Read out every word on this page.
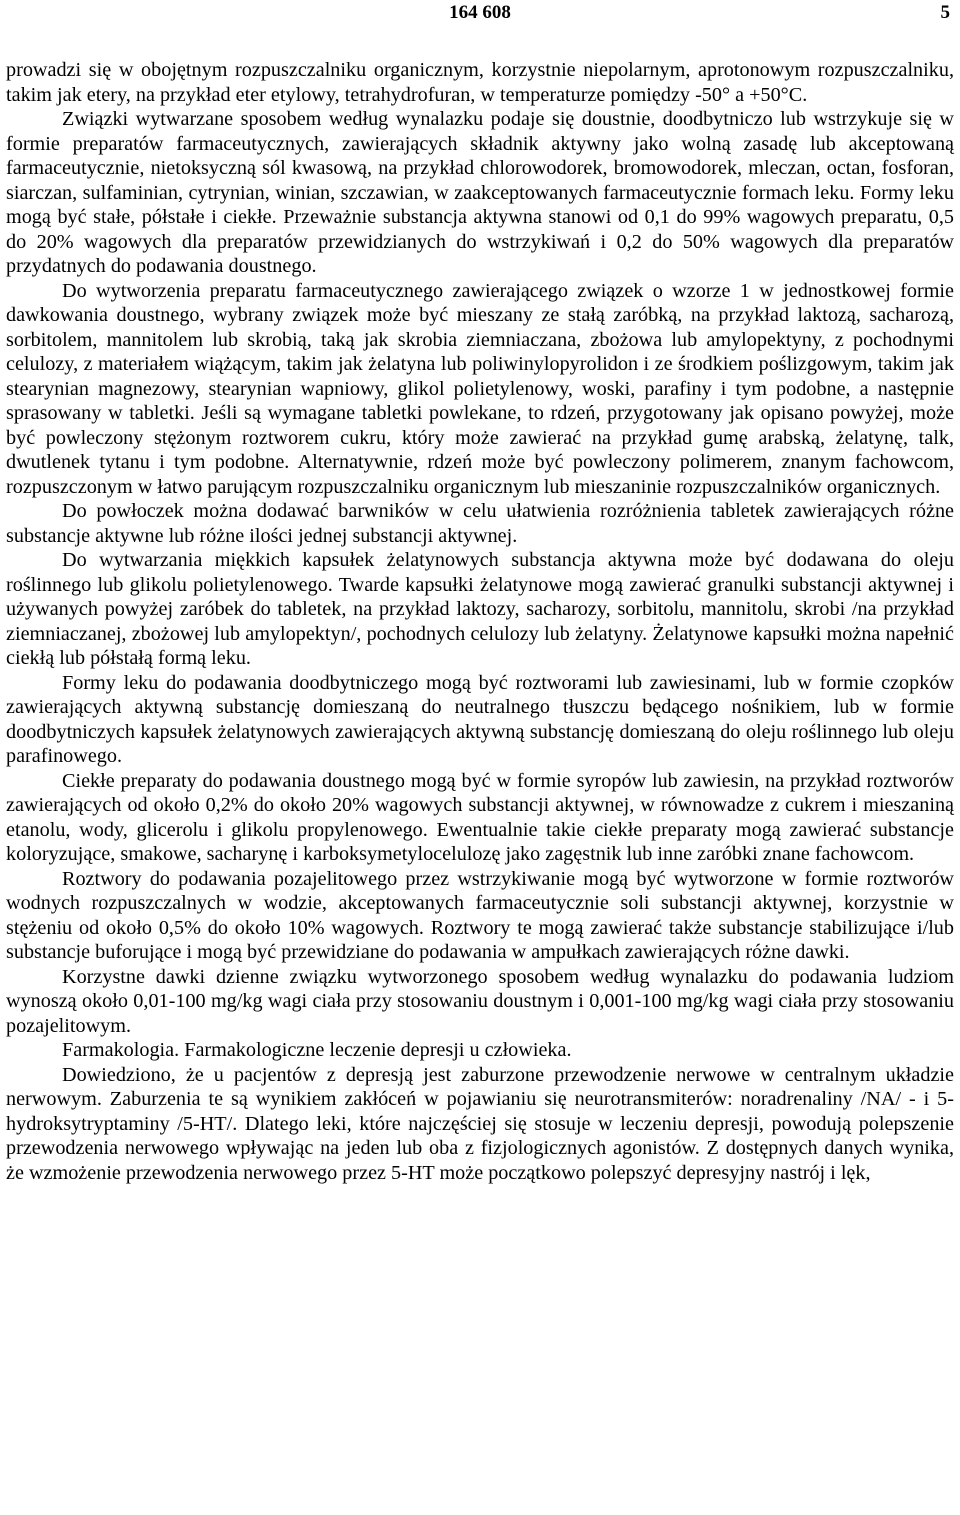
164 608	5

prowadzi się w obojętnym rozpuszczalniku organicznym, korzystnie niepolarnym, aprotonowym rozpuszczalniku, takim jak etery, na przykład eter etylowy, tetrahydrofuran, w temperaturze pomiędzy -50° a +50°C.

Związki wytwarzane sposobem według wynalazku podaje się doustnie, doodbytniczo lub wstrzykuje się w formie preparatów farmaceutycznych, zawierających składnik aktywny jako wolną zasadę lub akceptowaną farmaceutycznie, nietoksyczną sól kwasową, na przykład chlorowodorek, bromowodorek, mleczan, octan, fosforan, siarczan, sulfaminian, cytrynian, winian, szczawian, w zaakceptowanych farmaceutycznie formach leku. Formy leku mogą być stałe, półstałe i ciekłe. Przeważnie substancja aktywna stanowi od 0,1 do 99% wagowych preparatu, 0,5 do 20% wagowych dla preparatów przewidzianych do wstrzykiwań i 0,2 do 50% wagowych dla preparatów przydatnych do podawania doustnego.

Do wytworzenia preparatu farmaceutycznego zawierającego związek o wzorze 1 w jednostkowej formie dawkowania doustnego, wybrany związek może być mieszany ze stałą zaróbką, na przykład laktozą, sacharozą, sorbitolem, mannitolem lub skrobią, taką jak skrobia ziemniaczana, zbożowa lub amylopektyny, z pochodnymi celulozy, z materiałem wiążącym, takim jak żelatyna lub poliwinylopyrolidon i ze środkiem poślizgowym, takim jak stearynian magnezowy, stearynian wapniowy, glikol polietylenowy, woski, parafiny i tym podobne, a następnie sprasowany w tabletki. Jeśli są wymagane tabletki powlekane, to rdzeń, przygotowany jak opisano powyżej, może być powleczony stężonym roztworem cukru, który może zawierać na przykład gumę arabską, żelatynę, talk, dwutlenek tytanu i tym podobne. Alternatywnie, rdzeń może być powleczony polimerem, znanym fachowcom, rozpuszczonym w łatwo parującym rozpuszczalniku organicznym lub mieszaninie rozpuszczalników organicznych.

Do powłoczek można dodawać barwników w celu ułatwienia rozróżnienia tabletek zawierających różne substancje aktywne lub różne ilości jednej substancji aktywnej.

Do wytwarzania miękkich kapsułek żelatynowych substancja aktywna może być dodawana do oleju roślinnego lub glikolu polietylenowego. Twarde kapsułki żelatynowe mogą zawierać granulki substancji aktywnej i używanych powyżej zaróbek do tabletek, na przykład laktozy, sacharozy, sorbitolu, mannitolu, skrobi /na przykład ziemniaczanej, zbożowej lub amylopektyn/, pochodnych celulozy lub żelatyny. Żelatynowe kapsułki można napełnić ciekłą lub półstałą formą leku.

Formy leku do podawania doodbytniczego mogą być roztworami lub zawiesinami, lub w formie czopków zawierających aktywną substancję domieszaną do neutralnego tłuszczu będącego nośnikiem, lub w formie doodbytniczych kapsułek żelatynowych zawierających aktywną substancję domieszaną do oleju roślinnego lub oleju parafinowego.

Ciekłe preparaty do podawania doustnego mogą być w formie syropów lub zawiesin, na przykład roztworów zawierających od około 0,2% do około 20% wagowych substancji aktywnej, w równowadze z cukrem i mieszaniną etanolu, wody, glicerolu i glikolu propylenowego. Ewentualnie takie ciekłe preparaty mogą zawierać substancje koloryzujące, smakowe, sacharynę i karboksymetylocelulozę jako zagęstnik lub inne zaróbki znane fachowcom.

Roztwory do podawania pozajelitowego przez wstrzykiwanie mogą być wytworzone w formie roztworów wodnych rozpuszczalnych w wodzie, akceptowanych farmaceutycznie soli substancji aktywnej, korzystnie w stężeniu od około 0,5% do około 10% wagowych. Roztwory te mogą zawierać także substancje stabilizujące i/lub substancje buforujące i mogą być przewidziane do podawania w ampułkach zawierających różne dawki.

Korzystne dawki dzienne związku wytworzonego sposobem według wynalazku do podawania ludziom wynoszą około 0,01-100 mg/kg wagi ciała przy stosowaniu doustnym i 0,001-100 mg/kg wagi ciała przy stosowaniu pozajelitowym.

Farmakologia. Farmakologiczne leczenie depresji u człowieka.

Dowiedziono, że u pacjentów z depresją jest zaburzone przewodzenie nerwowe w centralnym układzie nerwowym. Zaburzenia te są wynikiem zakłóceń w pojawianiu się neurotransmiterów: noradrenaliny /NA/ - i 5-hydroksytryptaminy /5-HT/. Dlatego leki, które najczęściej się stosuje w leczeniu depresji, powodują polepszenie przewodzenia nerwowego wpływając na jeden lub oba z fizjologicznych agonistów. Z dostępnych danych wynika, że wzmożenie przewodzenia nerwowego przez 5-HT może początkowo polepszyć depresyjny nastrój i lęk,
